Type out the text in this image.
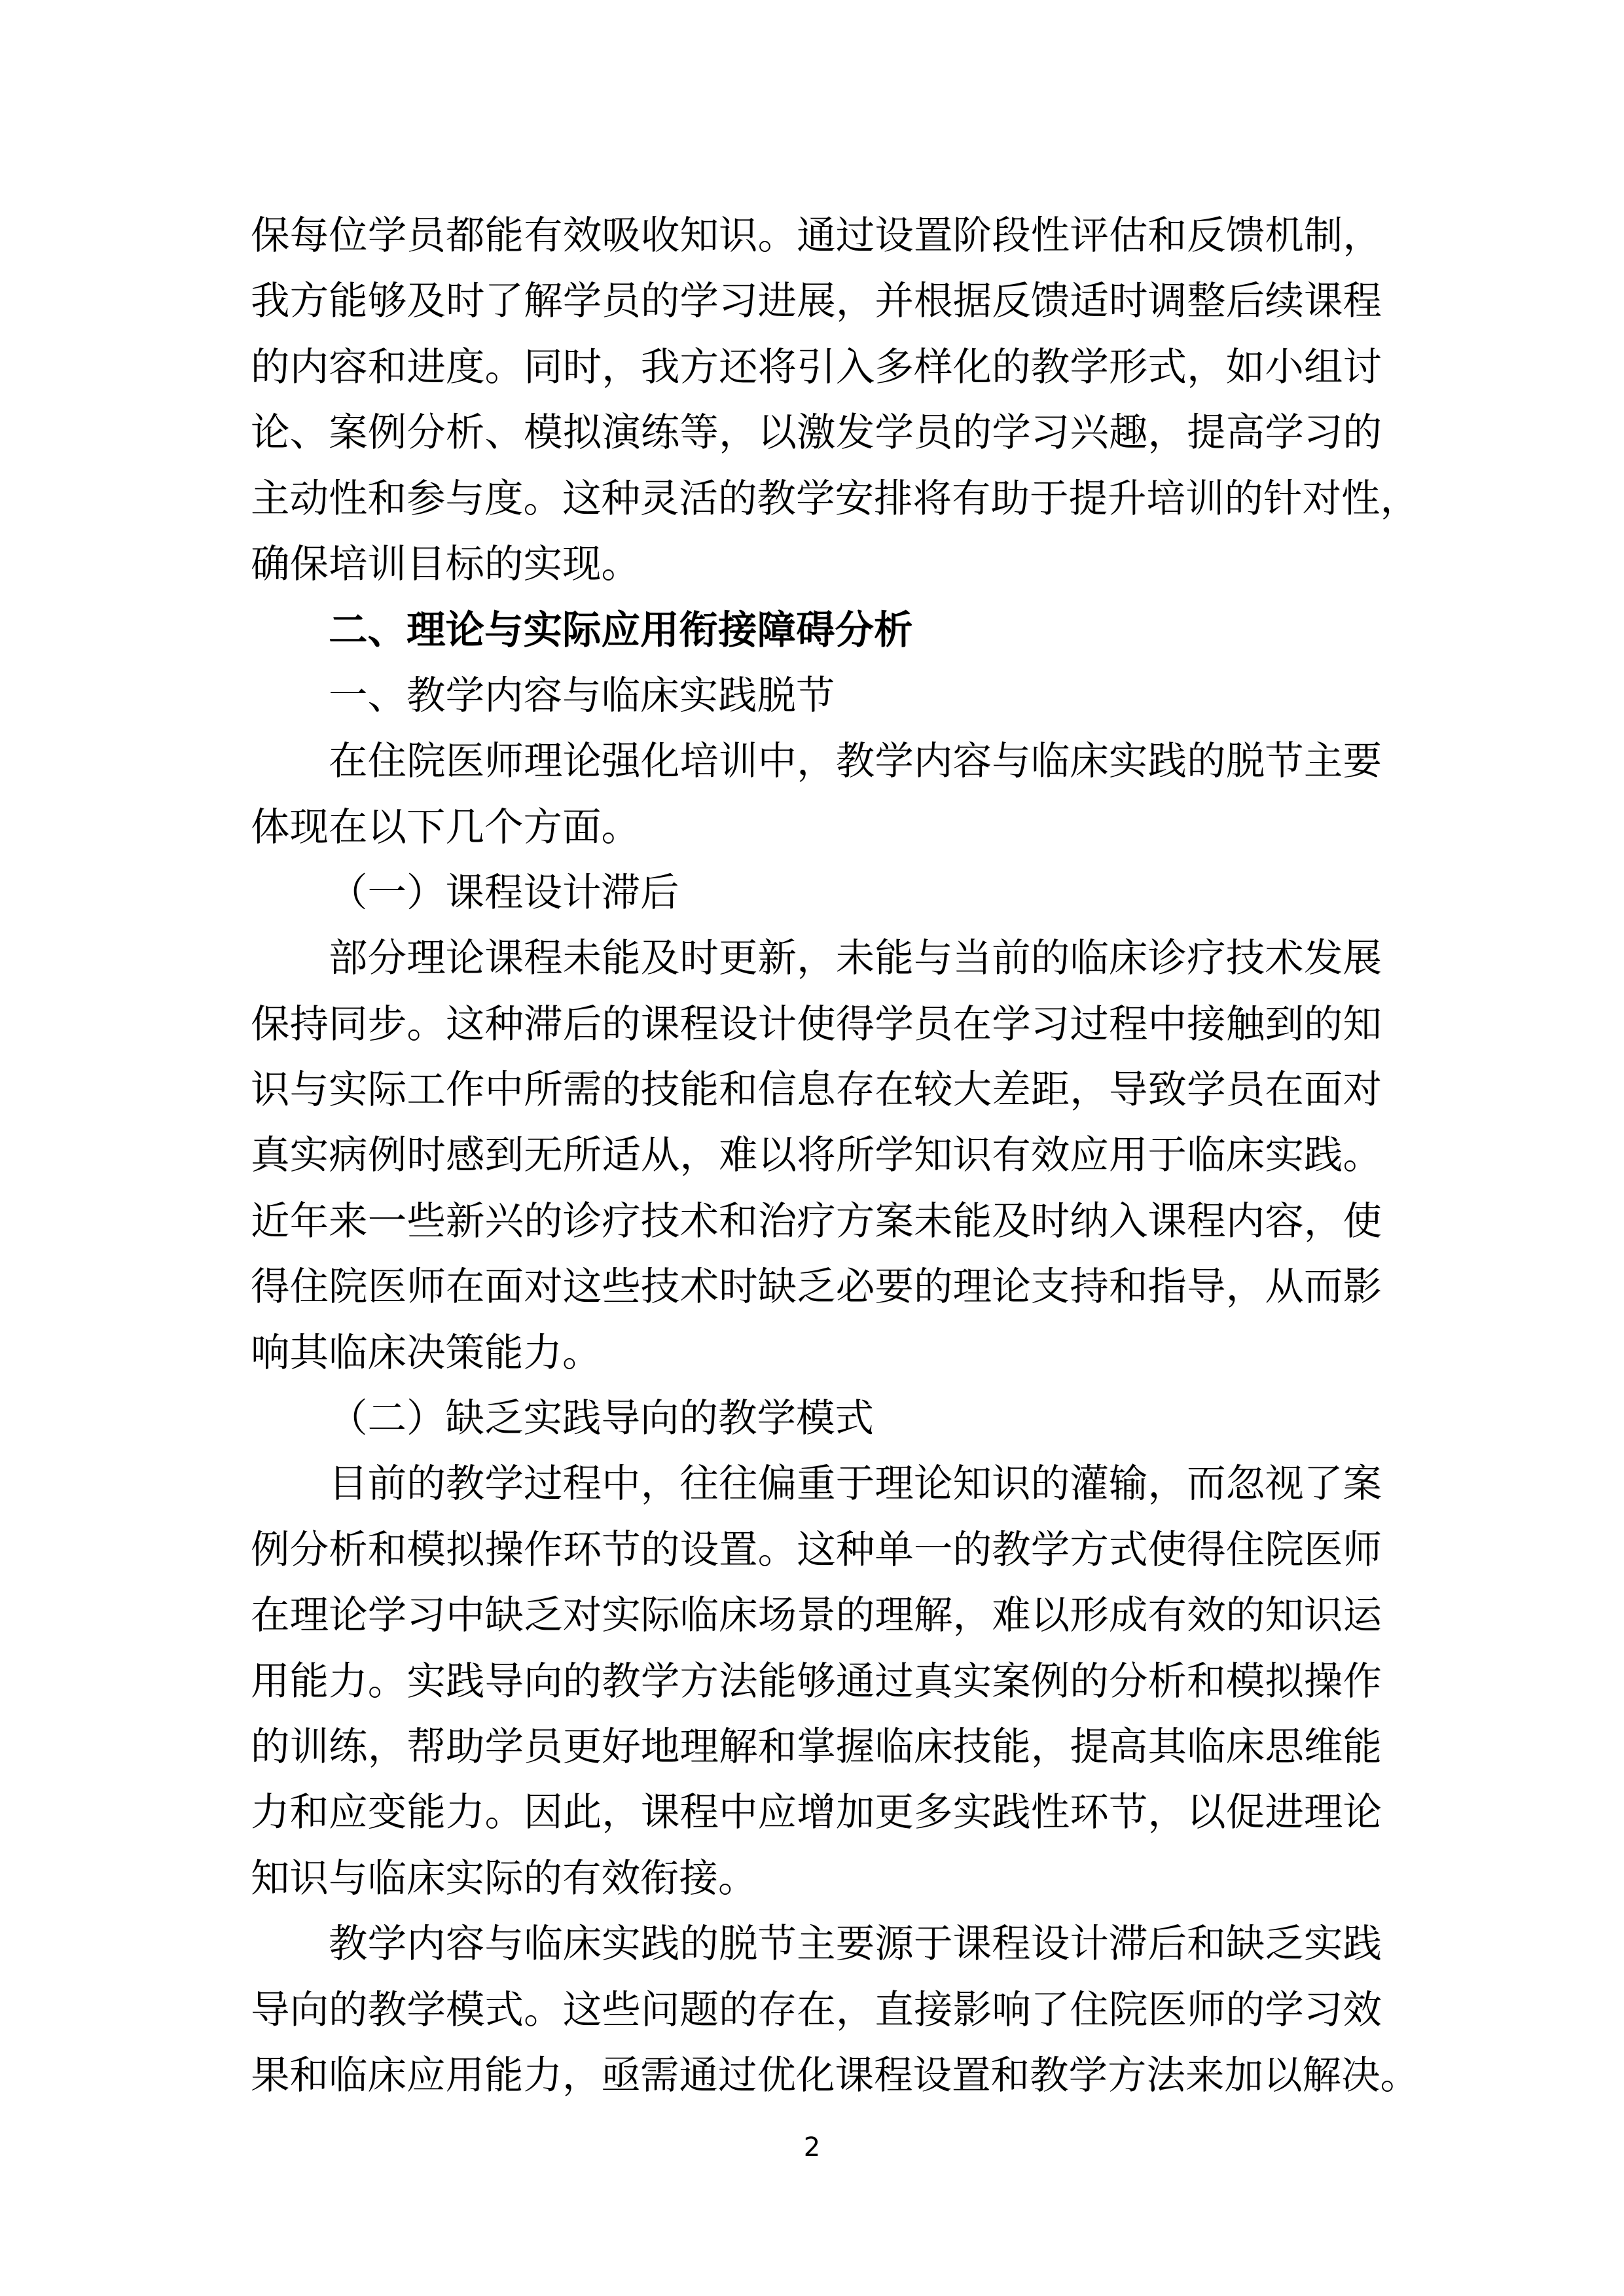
保每位学员都能有效吸收知识。通过设置阶段性评估和反馈机制，
我方能够及时了解学员的学习进展，并根据反馈适时调整后续课程
的内容和进度。同时，我方还将引入多样化的教学形式，如小组讨
论、案例分析、模拟演练等，以激发学员的学习兴趣，提高学习的
主动性和参与度。这种灵活的教学安排将有助于提升培训的针对性，
确保培训目标的实现。
二、理论与实际应用衔接障碍分析
一、教学内容与临床实践脱节
在住院医师理论强化培训中，教学内容与临床实践的脱节主要
体现在以下几个方面。
（一）课程设计滞后
部分理论课程未能及时更新，未能与当前的临床诊疗技术发展
保持同步。这种滞后的课程设计使得学员在学习过程中接触到的知
识与实际工作中所需的技能和信息存在较大差距，导致学员在面对
真实病例时感到无所适从，难以将所学知识有效应用于临床实践。
近年来一些新兴的诊疗技术和治疗方案未能及时纳入课程内容，使
得住院医师在面对这些技术时缺乏必要的理论支持和指导，从而影
响其临床决策能力。
（二）缺乏实践导向的教学模式
目前的教学过程中，往往偏重于理论知识的灌输，而忽视了案
例分析和模拟操作环节的设置。这种单一的教学方式使得住院医师
在理论学习中缺乏对实际临床场景的理解，难以形成有效的知识运
用能力。实践导向的教学方法能够通过真实案例的分析和模拟操作
的训练，帮助学员更好地理解和掌握临床技能，提高其临床思维能
力和应变能力。因此，课程中应增加更多实践性环节，以促进理论
知识与临床实际的有效衔接。
教学内容与临床实践的脱节主要源于课程设计滞后和缺乏实践
导向的教学模式。这些问题的存在，直接影响了住院医师的学习效
果和临床应用能力，亟需通过优化课程设置和教学方法来加以解决。
2
